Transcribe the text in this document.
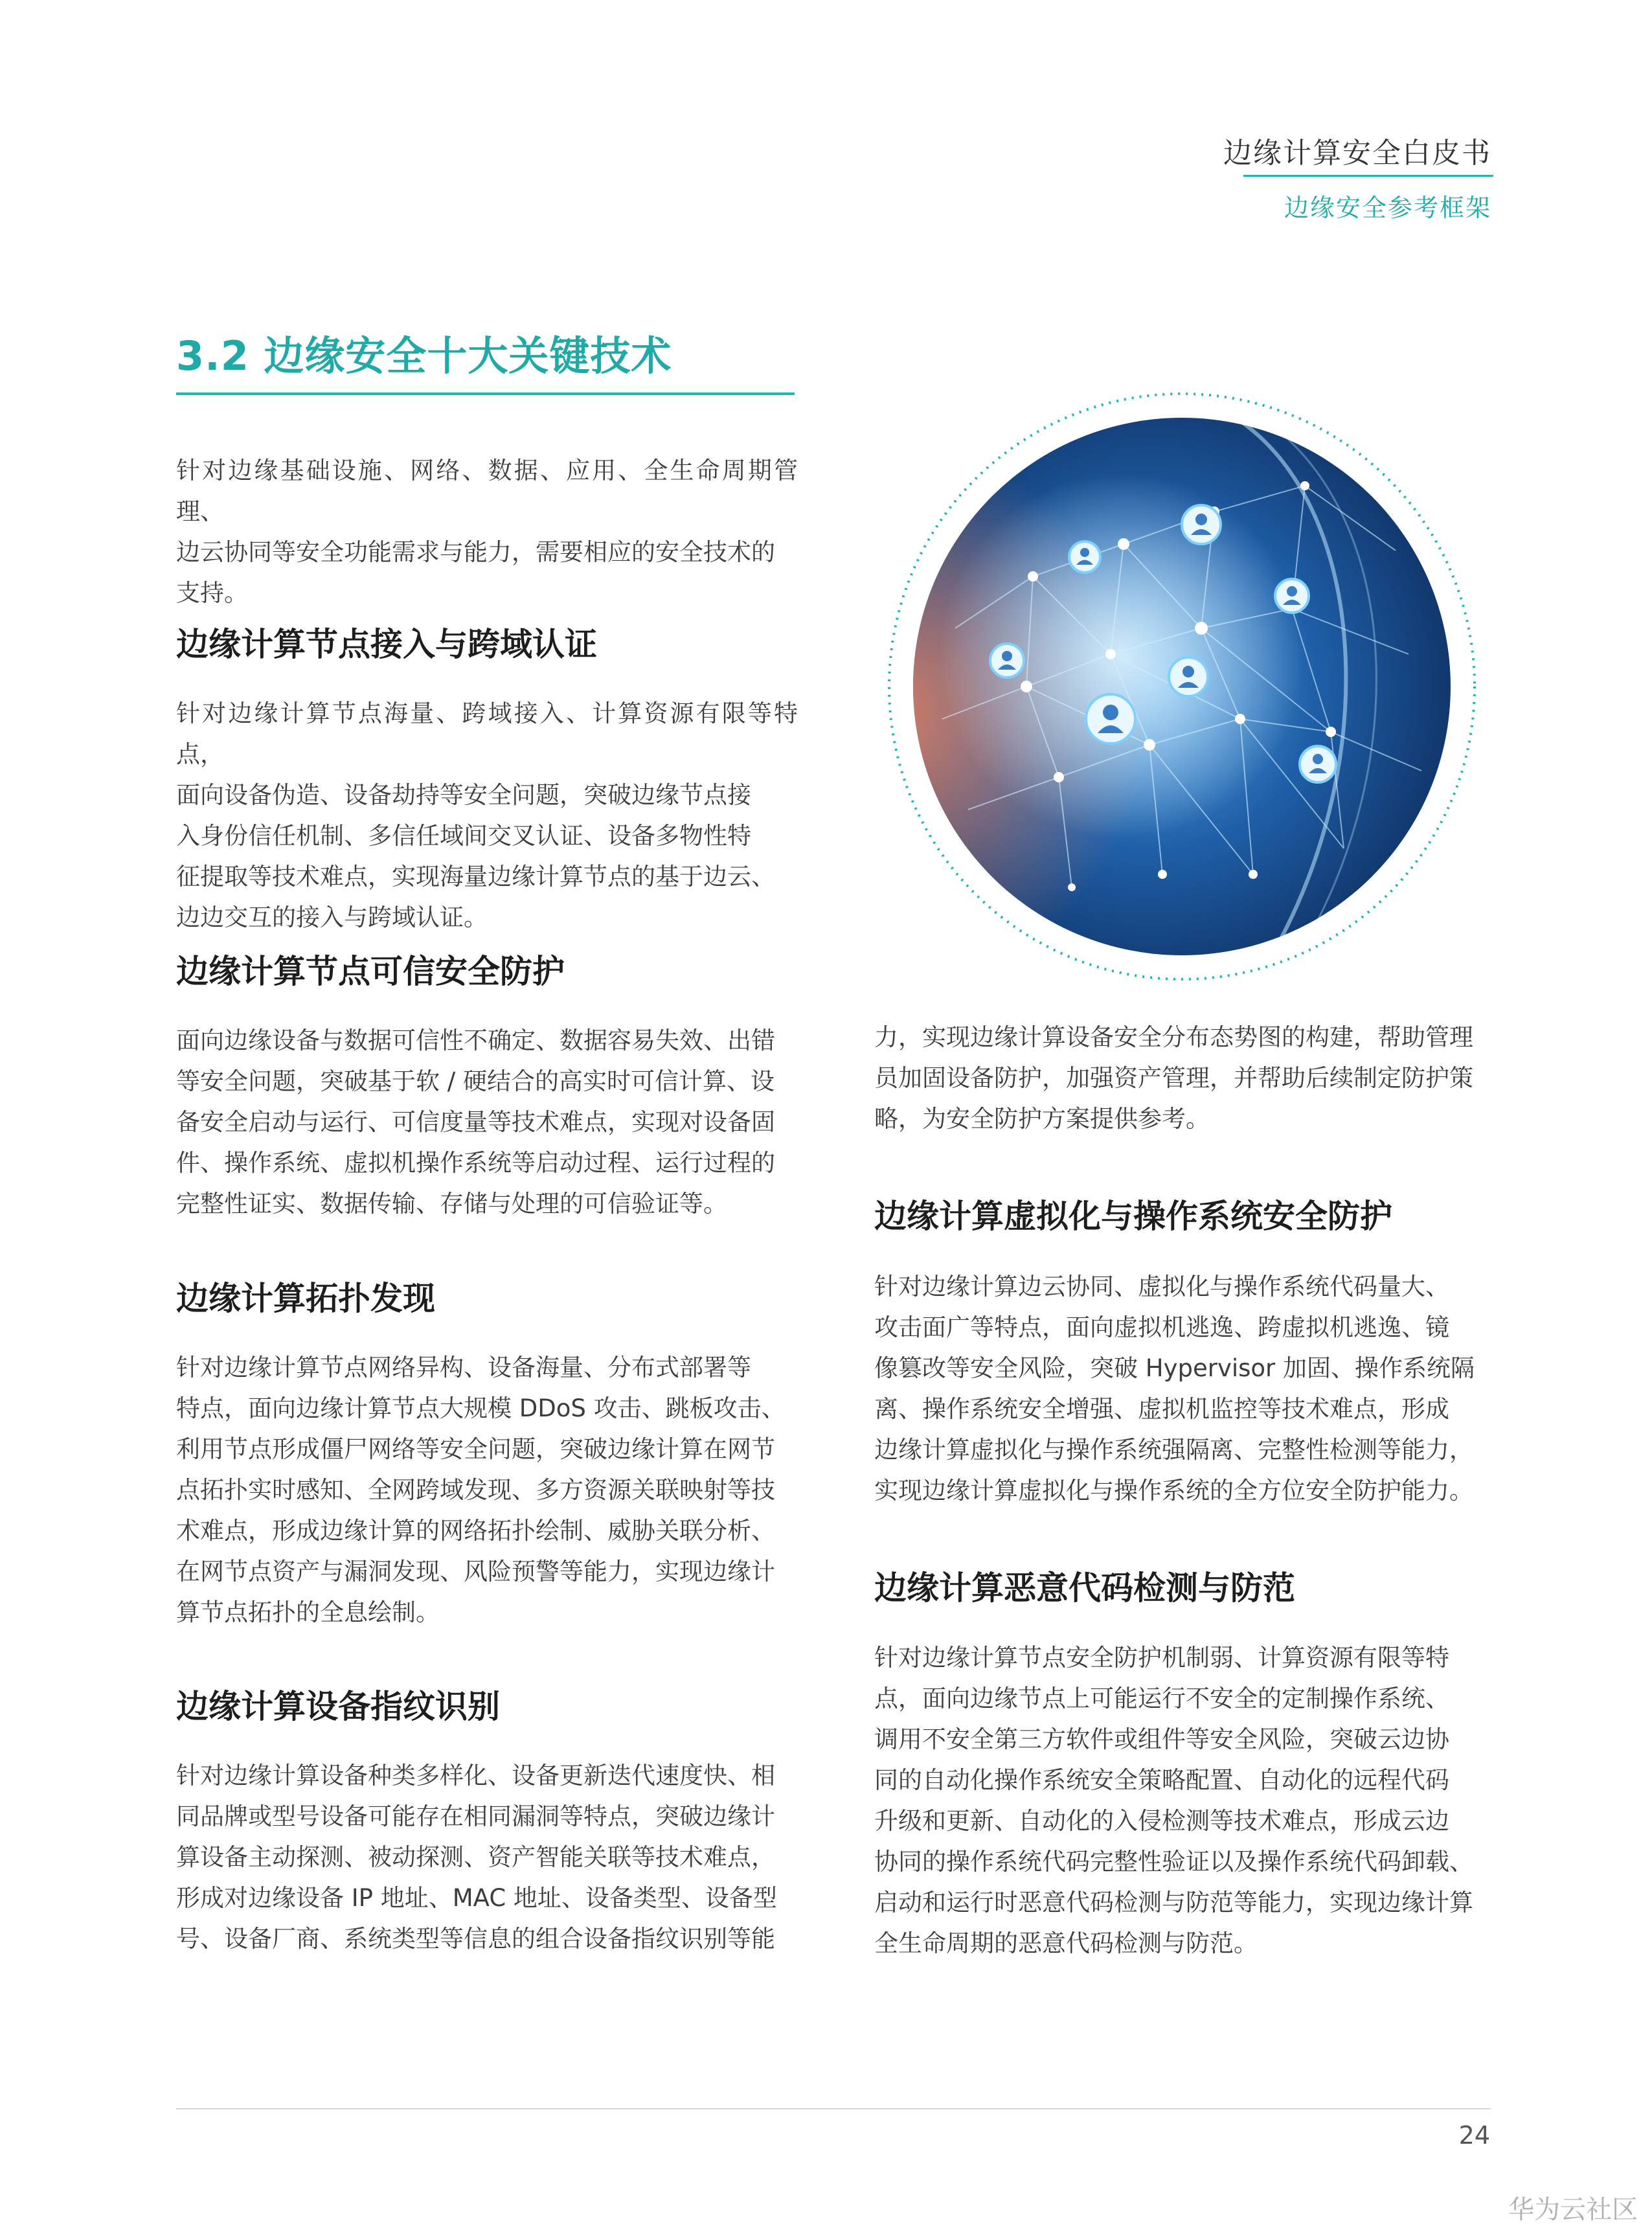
边缘计算安全白皮书
边缘安全参考框架
3.2 边缘安全十大关键技术
针对边缘基础设施、网络、数据、应用、全生命周期管理、
边云协同等安全功能需求与能力，需要相应的安全技术的
支持。
边缘计算节点接入与跨域认证
针对边缘计算节点海量、跨域接入、计算资源有限等特点，
面向设备伪造、设备劫持等安全问题，突破边缘节点接
入身份信任机制、多信任域间交叉认证、设备多物性特
征提取等技术难点，实现海量边缘计算节点的基于边云、
边边交互的接入与跨域认证。
边缘计算节点可信安全防护
面向边缘设备与数据可信性不确定、数据容易失效、出错
等安全问题，突破基于软 / 硬结合的高实时可信计算、设
备安全启动与运行、可信度量等技术难点，实现对设备固
件、操作系统、虚拟机操作系统等启动过程、运行过程的
完整性证实、数据传输、存储与处理的可信验证等。
边缘计算拓扑发现
针对边缘计算节点网络异构、设备海量、分布式部署等
特点，面向边缘计算节点大规模 DDoS 攻击、跳板攻击、
利用节点形成僵尸网络等安全问题，突破边缘计算在网节
点拓扑实时感知、全网跨域发现、多方资源关联映射等技
术难点，形成边缘计算的网络拓扑绘制、威胁关联分析、
在网节点资产与漏洞发现、风险预警等能力，实现边缘计
算节点拓扑的全息绘制。
边缘计算设备指纹识别
针对边缘计算设备种类多样化、设备更新迭代速度快、相
同品牌或型号设备可能存在相同漏洞等特点，突破边缘计
算设备主动探测、被动探测、资产智能关联等技术难点，
形成对边缘设备 IP 地址、MAC 地址、设备类型、设备型
号、设备厂商、系统类型等信息的组合设备指纹识别等能
力，实现边缘计算设备安全分布态势图的构建，帮助管理
员加固设备防护，加强资产管理，并帮助后续制定防护策
略，为安全防护方案提供参考。
边缘计算虚拟化与操作系统安全防护
针对边缘计算边云协同、虚拟化与操作系统代码量大、
攻击面广等特点，面向虚拟机逃逸、跨虚拟机逃逸、镜
像篡改等安全风险，突破 Hypervisor 加固、操作系统隔
离、操作系统安全增强、虚拟机监控等技术难点，形成
边缘计算虚拟化与操作系统强隔离、完整性检测等能力，
实现边缘计算虚拟化与操作系统的全方位安全防护能力。
边缘计算恶意代码检测与防范
针对边缘计算节点安全防护机制弱、计算资源有限等特
点，面向边缘节点上可能运行不安全的定制操作系统、
调用不安全第三方软件或组件等安全风险，突破云边协
同的自动化操作系统安全策略配置、自动化的远程代码
升级和更新、自动化的入侵检测等技术难点，形成云边
协同的操作系统代码完整性验证以及操作系统代码卸载、
启动和运行时恶意代码检测与防范等能力，实现边缘计算
全生命周期的恶意代码检测与防范。
24
华为云社区
